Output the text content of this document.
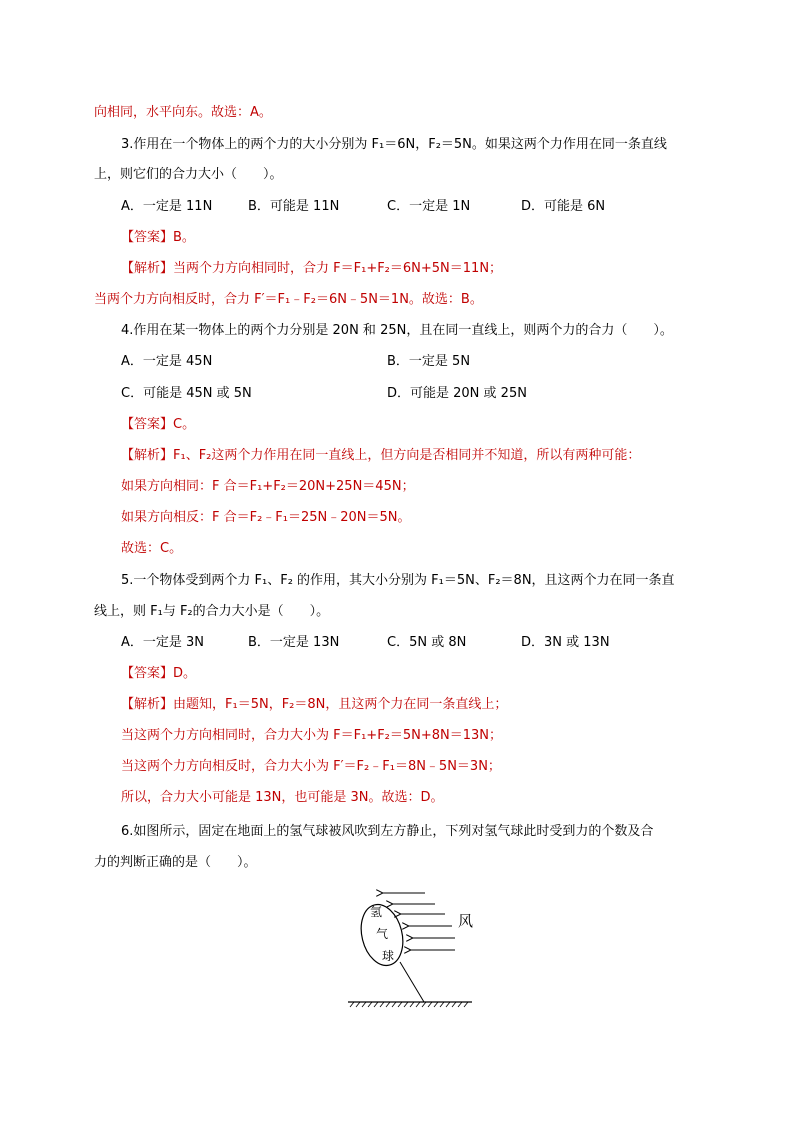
向相同，水平向东。故选：A。
3.作用在一个物体上的两个力的大小分别为 F₁＝6N，F₂＝5N。如果这两个力作用在同一条直线
上，则它们的合力大小（　　）。
A．一定是 11N	B．可能是 11N	C．一定是 1N	D．可能是 6N
【答案】B。
【解析】当两个力方向相同时，合力 F＝F₁+F₂＝6N+5N＝11N；
当两个力方向相反时，合力 F′＝F₁﹣F₂＝6N﹣5N＝1N。故选：B。
4.作用在某一物体上的两个力分别是 20N 和 25N，且在同一直线上，则两个力的合力（　　）。
A．一定是 45N	B．一定是 5N
C．可能是 45N 或 5N	D．可能是 20N 或 25N
【答案】C。
【解析】F₁、F₂这两个力作用在同一直线上，但方向是否相同并不知道，所以有两种可能：
如果方向相同：F 合＝F₁+F₂＝20N+25N＝45N；
如果方向相反：F 合＝F₂﹣F₁＝25N﹣20N＝5N。
故选：C。
5.一个物体受到两个力 F₁、F₂ 的作用，其大小分别为 F₁＝5N、F₂＝8N，且这两个力在同一条直
线上，则 F₁与 F₂的合力大小是（　　）。
A．一定是 3N	B．一定是 13N	C．5N 或 8N	D．3N 或 13N
【答案】D。
【解析】由题知，F₁＝5N，F₂＝8N，且这两个力在同一条直线上；
当这两个力方向相同时，合力大小为 F＝F₁+F₂＝5N+8N＝13N；
当这两个力方向相反时，合力大小为 F′＝F₂﹣F₁＝8N﹣5N＝3N；
所以，合力大小可能是 13N，也可能是 3N。故选：D。
6.如图所示，固定在地面上的氢气球被风吹到左方静止，下列对氢气球此时受到力的个数及合
力的判断正确的是（　　）。
氢
气
球
风
